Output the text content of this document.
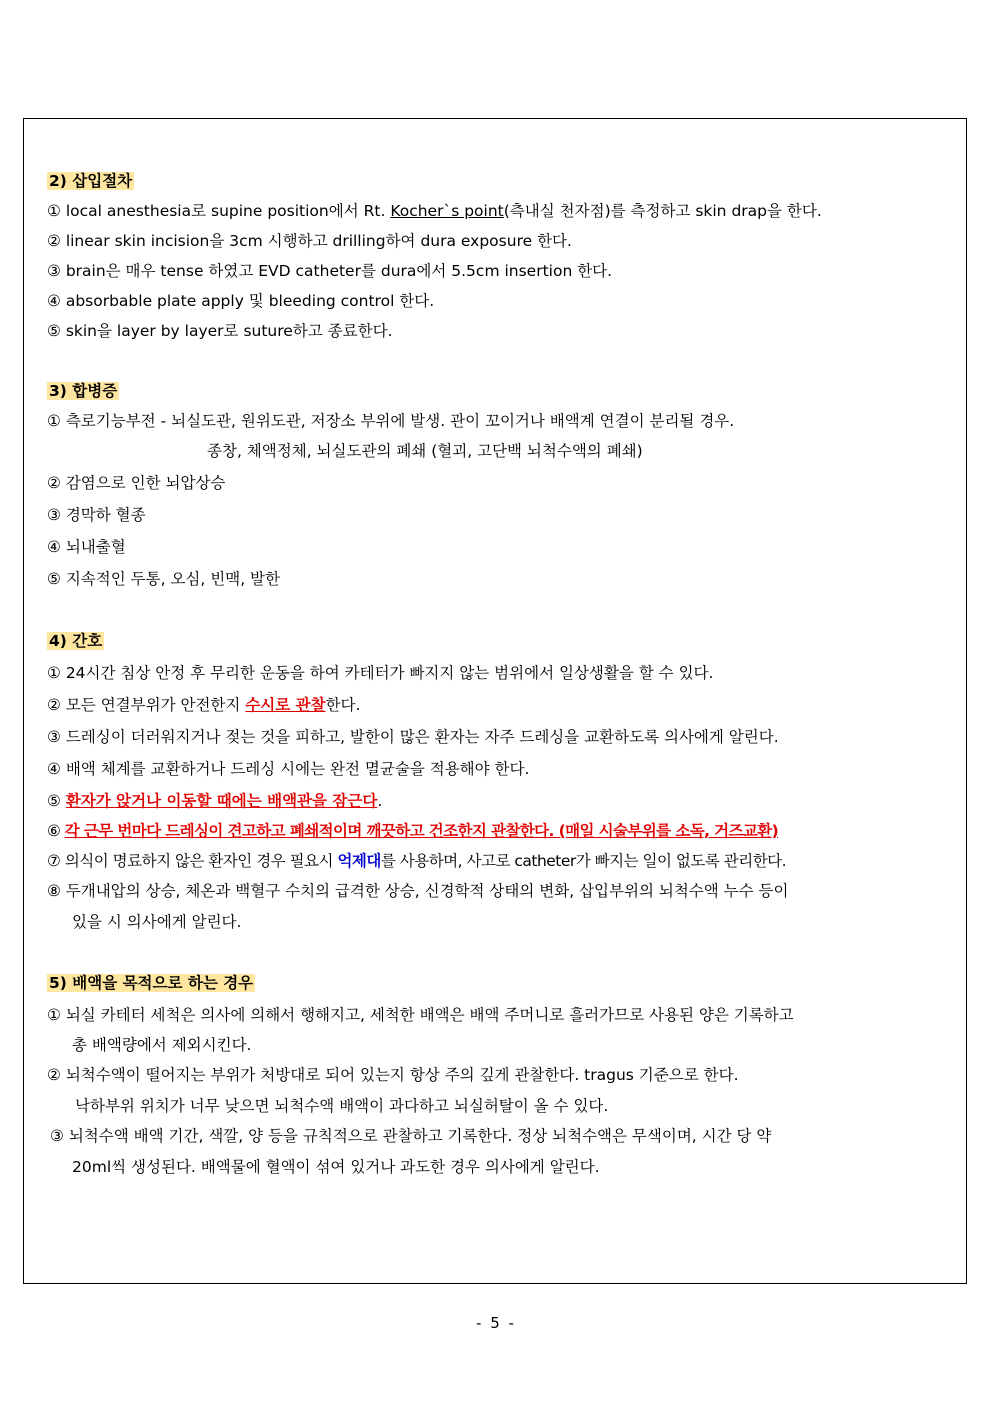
2) 삽입절차
① local anesthesia로 supine position에서 Rt. Kocher`s point(측내실 천자점)를 측정하고 skin drap을 한다.
② linear skin incision을 3cm 시행하고 drilling하여 dura exposure 한다.
③ brain은 매우 tense 하였고 EVD catheter를 dura에서 5.5cm insertion 한다.
④ absorbable plate apply 및 bleeding control 한다.
⑤ skin을 layer by layer로 suture하고 종료한다.
3) 합병증
① 측로기능부전 - 뇌실도관, 원위도관, 저장소 부위에 발생. 관이 꼬이거나 배액계 연결이 분리될 경우.
종창, 체액정체, 뇌실도관의 폐쇄 (혈괴, 고단백 뇌척수액의 폐쇄)
② 감염으로 인한 뇌압상승
③ 경막하 혈종
④ 뇌내출혈
⑤ 지속적인 두통, 오심, 빈맥, 발한
4) 간호
① 24시간 침상 안정 후 무리한 운동을 하여 카테터가 빠지지 않는 범위에서 일상생활을 할 수 있다.
② 모든 연결부위가 안전한지 수시로 관찰한다.
③ 드레싱이 더러워지거나 젖는 것을 피하고, 발한이 많은 환자는 자주 드레싱을 교환하도록 의사에게 알린다.
④ 배액 체계를 교환하거나 드레싱 시에는 완전 멸균술을 적용해야 한다.
⑤ 환자가 앉거나 이동할 때에는 배액관을 잠근다.
⑥ 각 근무 번마다 드레싱이 견고하고 폐쇄적이며 깨끗하고 건조한지 관찰한다. (매일 시술부위를 소독, 거즈교환)
⑦ 의식이 명료하지 않은 환자인 경우 필요시 억제대를 사용하며, 사고로 catheter가 빠지는 일이 없도록 관리한다.
⑧ 두개내압의 상승, 체온과 백혈구 수치의 급격한 상승, 신경학적 상태의 변화, 삽입부위의 뇌척수액 누수 등이
있을 시 의사에게 알린다.
5) 배액을 목적으로 하는 경우
① 뇌실 카테터 세척은 의사에 의해서 행해지고, 세척한 배액은 배액 주머니로 흘러가므로 사용된 양은 기록하고
총 배액량에서 제외시킨다.
② 뇌척수액이 떨어지는 부위가 처방대로 되어 있는지 항상 주의 깊게 관찰한다. tragus 기준으로 한다.
낙하부위 위치가 너무 낮으면 뇌척수액 배액이 과다하고 뇌실허탈이 올 수 있다.
③ 뇌척수액 배액 기간, 색깔, 양 등을 규칙적으로 관찰하고 기록한다. 정상 뇌척수액은 무색이며, 시간 당 약
20ml씩 생성된다. 배액물에 혈액이 섞여 있거나 과도한 경우 의사에게 알린다.
- 5 -
